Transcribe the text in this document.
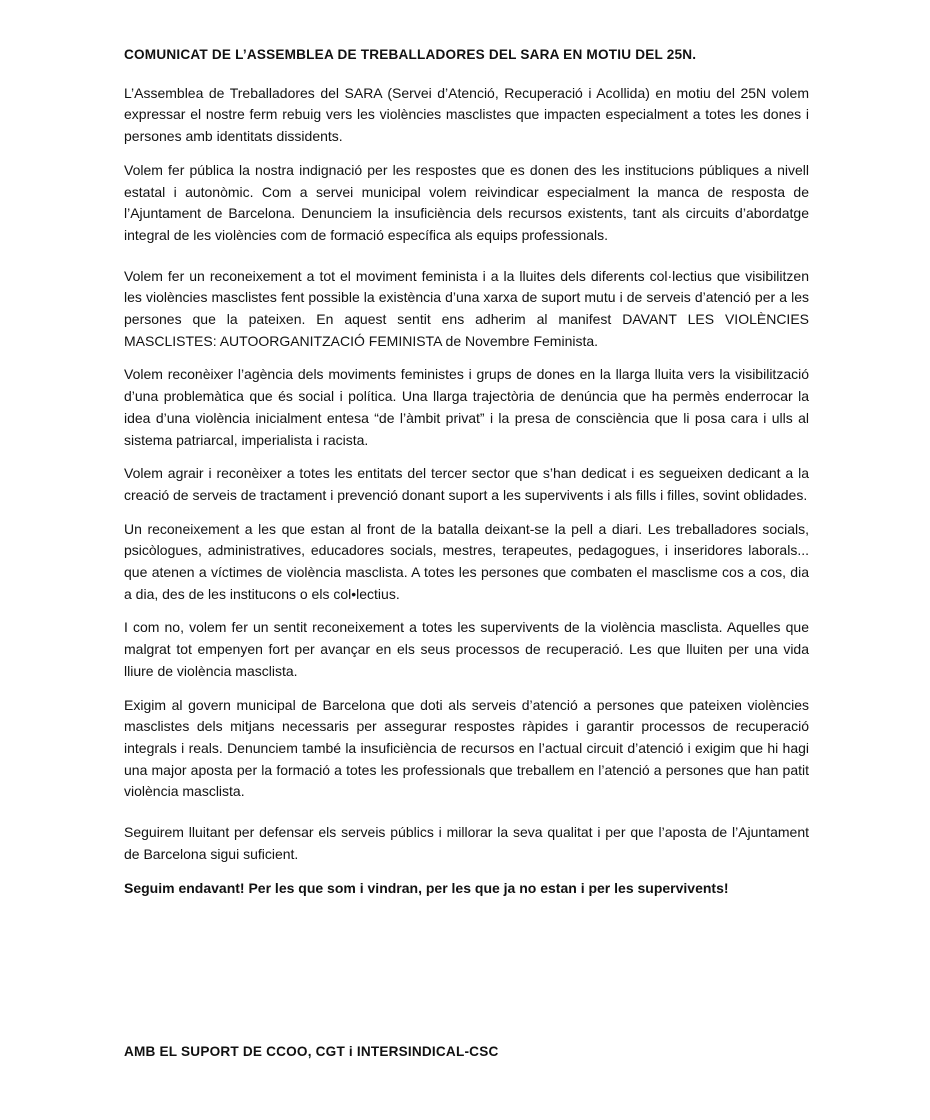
COMUNICAT DE L’ASSEMBLEA DE TREBALLADORES DEL SARA EN MOTIU DEL 25N.

L’Assemblea de Treballadores del SARA (Servei d’Atenció, Recuperació i Acollida) en motiu del 25N volem expressar el nostre ferm rebuig vers les violències masclistes que impacten especialment a totes les dones i persones amb identitats dissidents.

Volem fer pública la nostra indignació per les respostes que es donen des les institucions públiques a nivell estatal i autonòmic. Com a servei municipal volem reivindicar especialment la manca de resposta de l’Ajuntament de Barcelona. Denunciem la insuficiència dels recursos existents, tant als circuits d’abordatge integral de les violències com de formació específica als equips professionals.

Volem fer un reconeixement a tot el moviment feminista i a la lluites dels diferents col·lectius que visibilitzen les violències masclistes fent possible la existència d’una xarxa de suport mutu i de serveis d’atenció per a les persones que la pateixen. En aquest sentit ens adherim al manifest DAVANT LES VIOLÈNCIES MASCLISTES: AUTOORGANITZACIÓ FEMINISTA de Novembre Feminista.

Volem reconèixer l’agència dels moviments feministes i grups de dones en la llarga lluita vers la visibilització d’una problemàtica que és social i política. Una llarga trajectòria de denúncia que ha permès enderrocar la idea d’una violència inicialment entesa “de l’àmbit privat” i la presa de consciència que li posa cara i ulls al sistema patriarcal, imperialista i racista.

Volem agrair i reconèixer a totes les entitats del tercer sector que s’han dedicat i es segueixen dedicant a la creació de serveis de tractament i prevenció donant suport a les supervivents i als fills i filles, sovint oblidades.

Un reconeixement a les que estan al front de la batalla deixant-se la pell a diari. Les treballadores socials, psicòlogues, administratives, educadores socials, mestres, terapeutes, pedagogues, i inseridores laborals... que atenen a víctimes de violència masclista. A totes les persones que combaten el masclisme cos a cos, dia a dia, des de les institucons o els col•lectius.

I com no, volem fer un sentit reconeixement a totes les supervivents de la violència masclista. Aquelles que malgrat tot empenyen fort per avançar en els seus processos de recuperació. Les que lluiten per una vida lliure de violència masclista.

Exigim al govern municipal de Barcelona que doti als serveis d’atenció a persones que pateixen violències masclistes dels mitjans necessaris per assegurar respostes ràpides i garantir processos de recuperació integrals i reals. Denunciem també la insuficiència de recursos en l’actual circuit d’atenció i exigim que hi hagi una major aposta per la formació a totes les professionals que treballem en l’atenció a persones que han patit violència masclista.

Seguirem lluitant per defensar els serveis públics i millorar la seva qualitat i per que l’aposta de l’Ajuntament de Barcelona sigui suficient.

Seguim endavant! Per les que som i vindran, per les que ja no estan i per les supervivents!

AMB EL SUPORT DE CCOO, CGT i INTERSINDICAL-CSC
